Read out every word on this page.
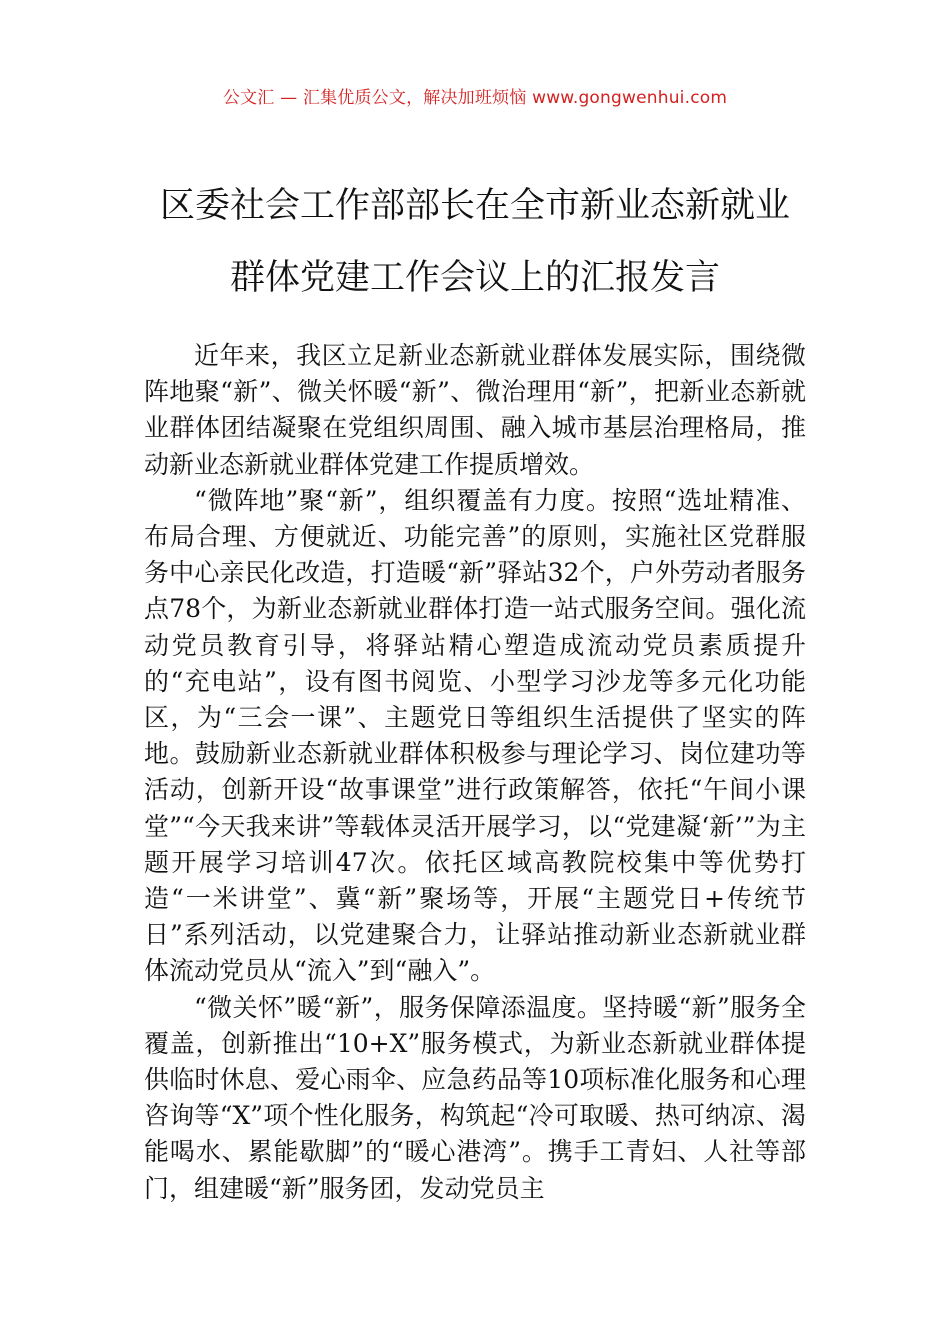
公文汇 — 汇集优质公文，解决加班烦恼 www.gongwenhui.com
区委社会工作部部长在全市新业态新就业
群体党建工作会议上的汇报发言

近年来，我区立足新业态新就业群体发展实际，围绕微阵地聚“新”、微关怀暖“新”、微治理用“新”，把新业态新就业群体团结凝聚在党组织周围、融入城市基层治理格局，推动新业态新就业群体党建工作提质增效。

“微阵地”聚“新”，组织覆盖有力度。按照“选址精准、布局合理、方便就近、功能完善”的原则，实施社区党群服务中心亲民化改造，打造暖“新”驿站32个，户外劳动者服务点78个，为新业态新就业群体打造一站式服务空间。强化流动党员教育引导，将驿站精心塑造成流动党员素质提升的“充电站”，设有图书阅览、小型学习沙龙等多元化功能区，为“三会一课”、主题党日等组织生活提供了坚实的阵地。鼓励新业态新就业群体积极参与理论学习、岗位建功等活动，创新开设“故事课堂”进行政策解答，依托“午间小课堂”“今天我来讲”等载体灵活开展学习，以“党建凝‘新’”为主题开展学习培训47次。依托区域高教院校集中等优势打造“一米讲堂”、冀“新”聚场等，开展“主题党日+传统节日”系列活动，以党建聚合力，让驿站推动新业态新就业群体流动党员从“流入”到“融入”。

“微关怀”暖“新”，服务保障添温度。坚持暖“新”服务全覆盖，创新推出“10+X”服务模式，为新业态新就业群体提供临时休息、爱心雨伞、应急药品等10项标准化服务和心理咨询等“X”项个性化服务，构筑起“冷可取暖、热可纳凉、渴能喝水、累能歇脚”的“暖心港湾”。携手工青妇、人社等部门，组建暖“新”服务团，发动党员主
